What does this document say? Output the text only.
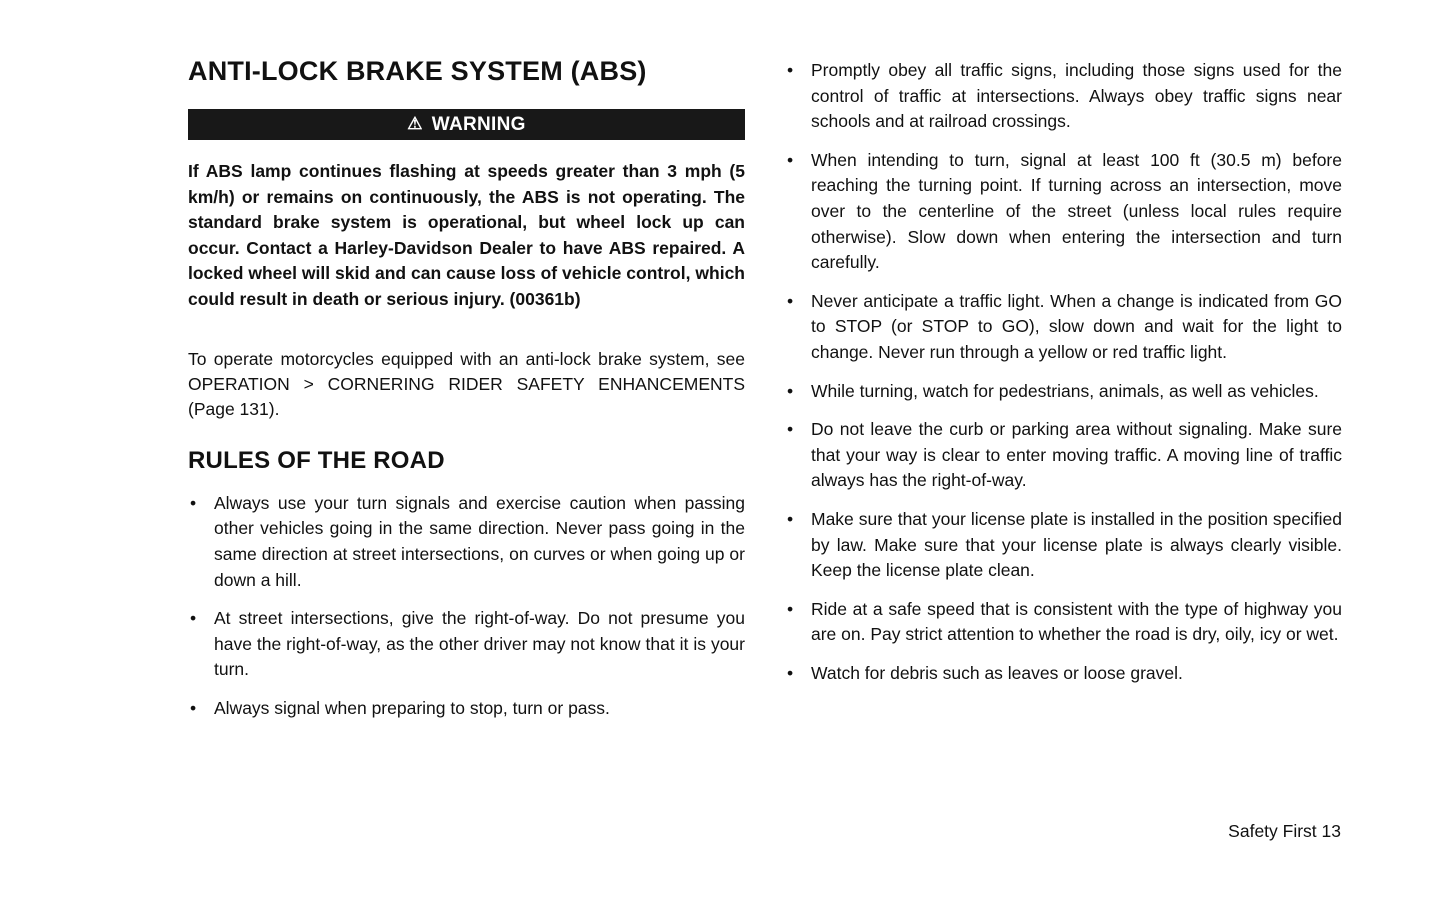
ANTI-LOCK BRAKE SYSTEM (ABS)
⚠ WARNING
If ABS lamp continues flashing at speeds greater than 3 mph (5 km/h) or remains on continuously, the ABS is not operating. The standard brake system is operational, but wheel lock up can occur. Contact a Harley-Davidson Dealer to have ABS repaired. A locked wheel will skid and can cause loss of vehicle control, which could result in death or serious injury. (00361b)
To operate motorcycles equipped with an anti-lock brake system, see OPERATION > CORNERING RIDER SAFETY ENHANCEMENTS (Page 131).
RULES OF THE ROAD
• Always use your turn signals and exercise caution when passing other vehicles going in the same direction. Never pass going in the same direction at street intersections, on curves or when going up or down a hill.
• At street intersections, give the right-of-way. Do not presume you have the right-of-way, as the other driver may not know that it is your turn.
• Always signal when preparing to stop, turn or pass.
• Promptly obey all traffic signs, including those signs used for the control of traffic at intersections. Always obey traffic signs near schools and at railroad crossings.
• When intending to turn, signal at least 100 ft (30.5 m) before reaching the turning point. If turning across an intersection, move over to the centerline of the street (unless local rules require otherwise). Slow down when entering the intersection and turn carefully.
• Never anticipate a traffic light. When a change is indicated from GO to STOP (or STOP to GO), slow down and wait for the light to change. Never run through a yellow or red traffic light.
• While turning, watch for pedestrians, animals, as well as vehicles.
• Do not leave the curb or parking area without signaling. Make sure that your way is clear to enter moving traffic. A moving line of traffic always has the right-of-way.
• Make sure that your license plate is installed in the position specified by law. Make sure that your license plate is always clearly visible. Keep the license plate clean.
• Ride at a safe speed that is consistent with the type of highway you are on. Pay strict attention to whether the road is dry, oily, icy or wet.
• Watch for debris such as leaves or loose gravel.
Safety First 13
